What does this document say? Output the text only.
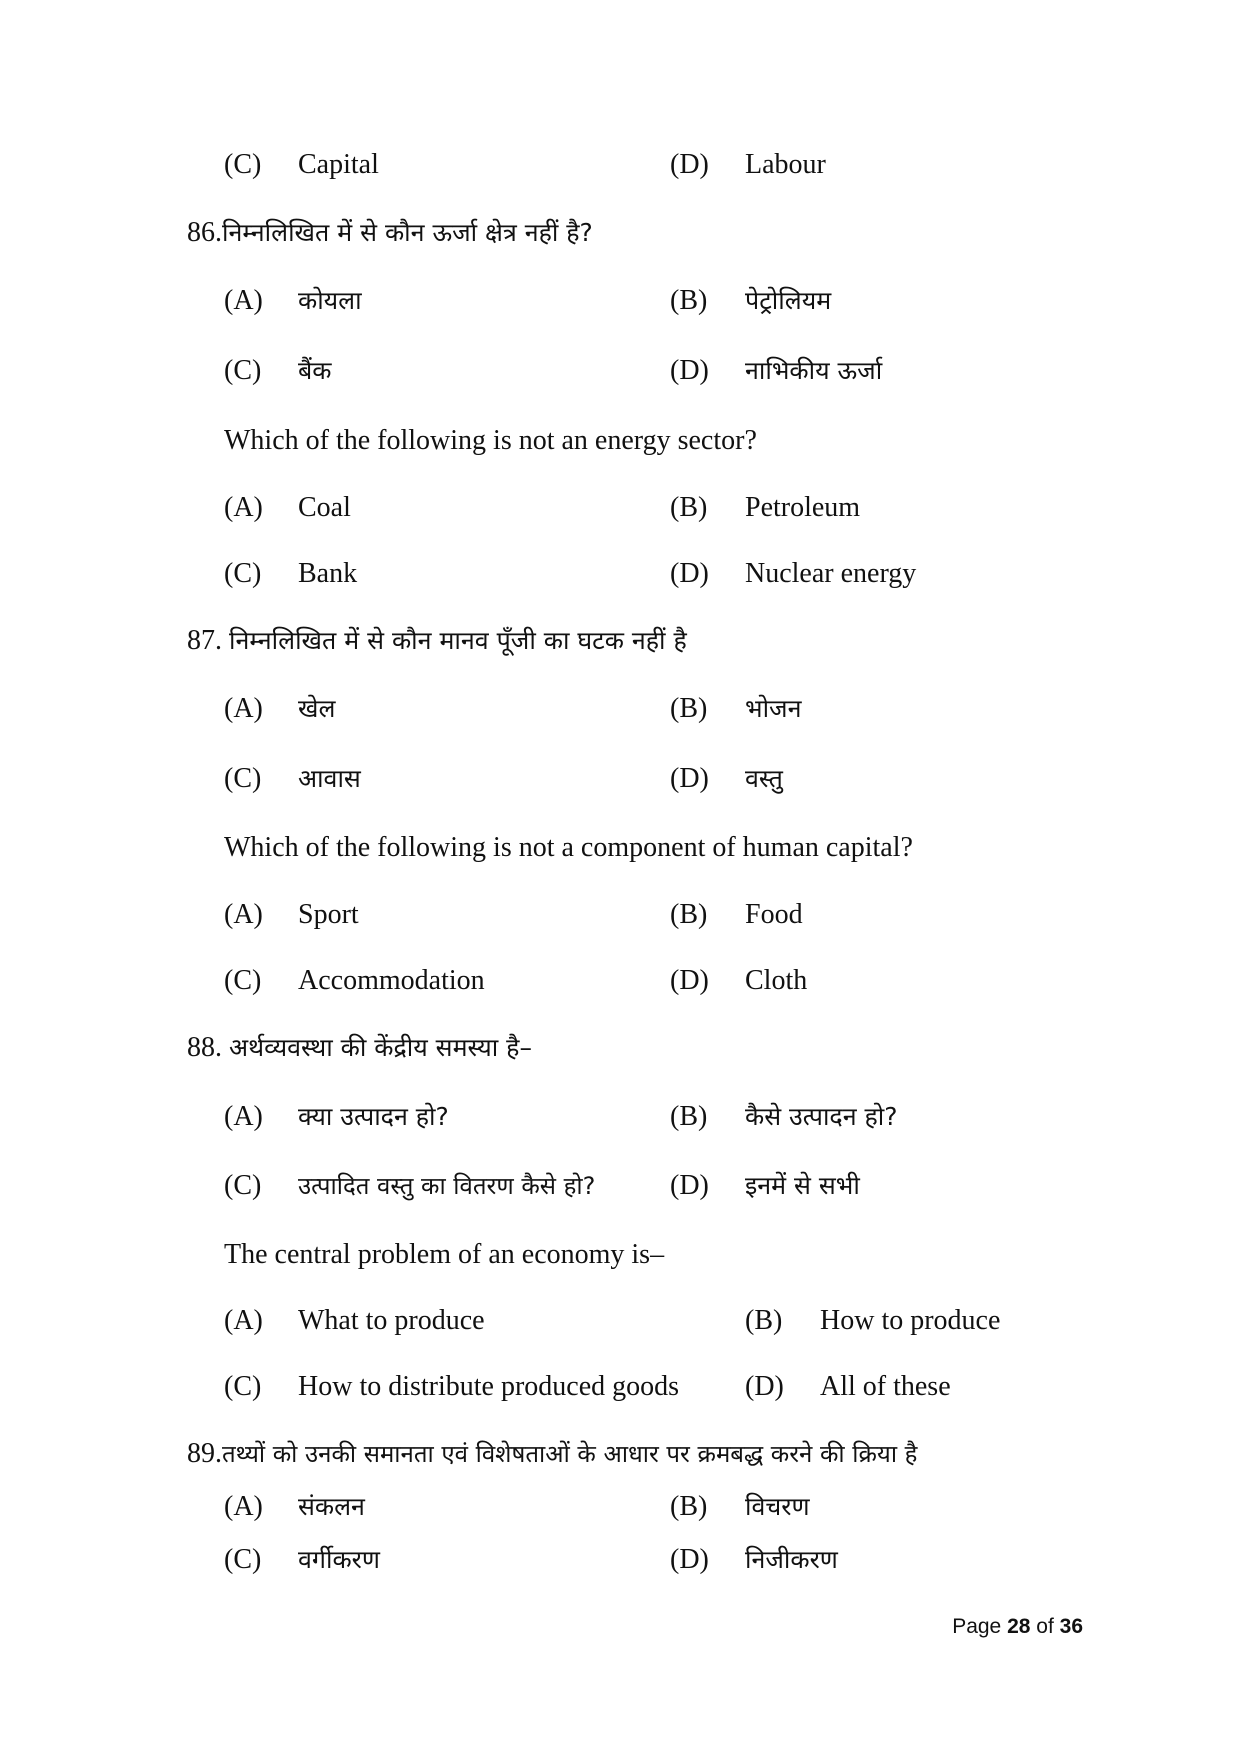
(C) Capital	(D) Labour
86.निम्नलिखित में से कौन ऊर्जा क्षेत्र नहीं है?
(A) कोयला	(B) पेट्रोलियम
(C) बैंक	(D) नाभिकीय ऊर्जा
Which of the following is not an energy sector?
(A) Coal	(B) Petroleum
(C) Bank	(D) Nuclear energy
87. निम्नलिखित में से कौन मानव पूँजी का घटक नहीं है
(A) खेल	(B) भोजन
(C) आवास	(D) वस्तु
Which of the following is not a component of human capital?
(A) Sport	(B) Food
(C) Accommodation	(D) Cloth
88. अर्थव्यवस्था की केंद्रीय समस्या है–
(A) क्या उत्पादन हो?	(B) कैसे उत्पादन हो?
(C) उत्पादित वस्तु का वितरण कैसे हो?	(D) इनमें से सभी
The central problem of an economy is–
(A) What to produce	(B) How to produce
(C) How to distribute produced goods (D) All of these
89.तथ्यों को उनकी समानता एवं विशेषताओं के आधार पर क्रमबद्ध करने की क्रिया है
(A) संकलन	(B) विचरण
(C) वर्गीकरण	(D) निजीकरण
Page 28 of 36
